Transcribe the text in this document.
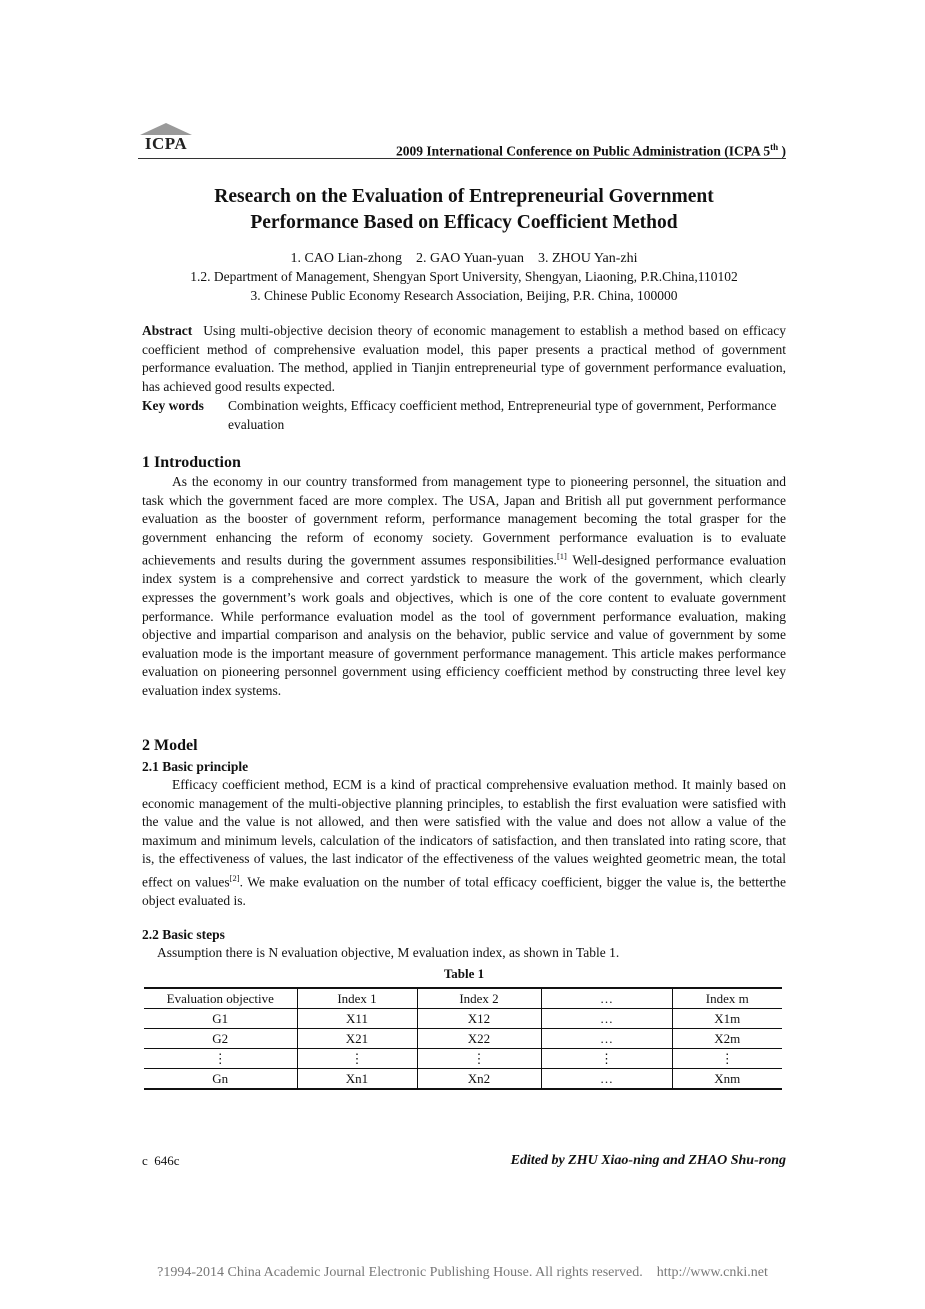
ICPA	2009 International Conference on Public Administration (ICPA 5th )
Research on the Evaluation of Entrepreneurial Government
Performance Based on Efficacy Coefficient Method
1. CAO Lian-zhong    2. GAO Yuan-yuan    3. ZHOU Yan-zhi
1.2. Department of Management, Shengyan Sport University, Shengyan, Liaoning, P.R.China,110102
3. Chinese Public Economy Research Association, Beijing, P.R. China, 100000
Abstract Using multi-objective decision theory of economic management to establish a method based on efficacy coefficient method of comprehensive evaluation model, this paper presents a practical method of government performance evaluation. The method, applied in Tianjin entrepreneurial type of government performance evaluation, has achieved good results expected.
Key words	Combination weights, Efficacy coefficient method, Entrepreneurial type of government, Performance evaluation
1 Introduction
As the economy in our country transformed from management type to pioneering personnel, the situation and task which the government faced are more complex. The USA, Japan and British all put government performance evaluation as the booster of government reform, performance management becoming the total grasper for the government enhancing the reform of economy society. Government performance evaluation is to evaluate achievements and results during the government assumes responsibilities.[1] Well-designed performance evaluation index system is a comprehensive and correct yardstick to measure the work of the government, which clearly expresses the government’s work goals and objectives, which is one of the core content to evaluate government performance. While performance evaluation model as the tool of government performance evaluation, making objective and impartial comparison and analysis on the behavior, public service and value of government by some evaluation mode is the important measure of government performance management. This article makes performance evaluation on pioneering personnel government using efficiency coefficient method by constructing three level key evaluation index systems.
2 Model
2.1 Basic principle
Efficacy coefficient method, ECM is a kind of practical comprehensive evaluation method. It mainly based on economic management of the multi-objective planning principles, to establish the first evaluation were satisfied with the value and the value is not allowed, and then were satisfied with the value and does not allow a value of the maximum and minimum levels, calculation of the indicators of satisfaction, and then translated into rating score, that is, the effectiveness of values, the last indicator of the effectiveness of the values weighted geometric mean, the total effect on values[2]. We make evaluation on the number of total efficacy coefficient, bigger the value is, the betterthe object evaluated is.
2.2 Basic steps
Assumption there is N evaluation objective, M evaluation index, as shown in Table 1.
Table 1
Evaluation objective	Index 1	Index 2	…	Index m
G1	X11	X12	…	X1m
G2	X21	X22	…	X2m
⋮	⋮	⋮	⋮	⋮
Gn	Xn1	Xn2	…	Xnm
c  646c	Edited by ZHU Xiao-ning and ZHAO Shu-rong
?1994-2014 China Academic Journal Electronic Publishing House. All rights reserved.    http://www.cnki.net
